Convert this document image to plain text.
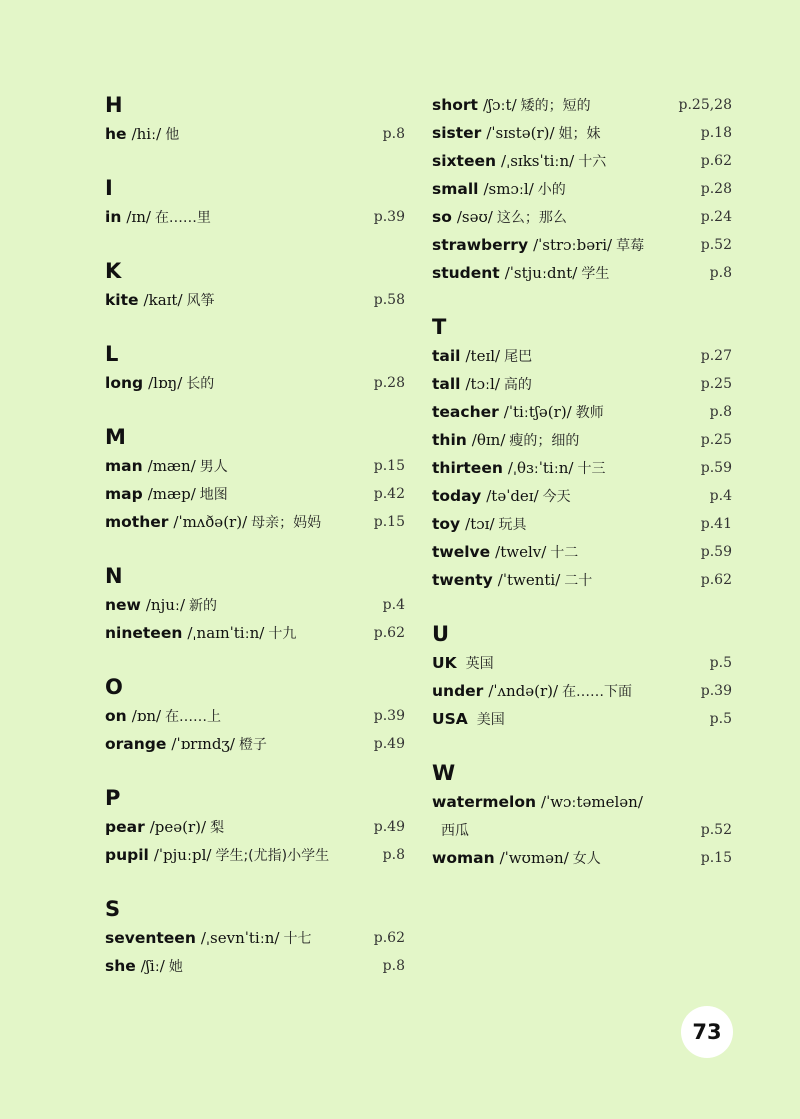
H
he /hiː/ 他	p.8
I
in /ɪn/ 在……里	p.39
K
kite /kaɪt/ 风筝	p.58
L
long /lɒŋ/ 长的	p.28
M
man /mæn/ 男人	p.15
map /mæp/ 地图	p.42
mother /ˈmʌðə(r)/ 母亲；妈妈	p.15
N
new /njuː/ 新的	p.4
nineteen /ˌnaɪnˈtiːn/ 十九	p.62
O
on /ɒn/ 在……上	p.39
orange /ˈɒrɪndʒ/ 橙子	p.49
P
pear /peə(r)/ 梨	p.49
pupil /ˈpjuːpl/ 学生;(尤指)小学生	p.8
S
seventeen /ˌsevnˈtiːn/ 十七	p.62
she /ʃiː/ 她	p.8
short /ʃɔːt/ 矮的；短的	p.25,28
sister /ˈsɪstə(r)/ 姐；妹	p.18
sixteen /ˌsɪksˈtiːn/ 十六	p.62
small /smɔːl/ 小的	p.28
so /səʊ/ 这么；那么	p.24
strawberry /ˈstrɔːbəri/ 草莓	p.52
student /ˈstjuːdnt/ 学生	p.8
T
tail /teɪl/ 尾巴	p.27
tall /tɔːl/ 高的	p.25
teacher /ˈtiːtʃə(r)/ 教师	p.8
thin /θɪn/ 瘦的；细的	p.25
thirteen /ˌθɜːˈtiːn/ 十三	p.59
today /təˈdeɪ/ 今天	p.4
toy /tɔɪ/ 玩具	p.41
twelve /twelv/ 十二	p.59
twenty /ˈtwenti/ 二十	p.62
U
UK 英国	p.5
under /ˈʌndə(r)/ 在……下面	p.39
USA 美国	p.5
W
watermelon /ˈwɔːtəmelən/
西瓜	p.52
woman /ˈwʊmən/ 女人	p.15
73
